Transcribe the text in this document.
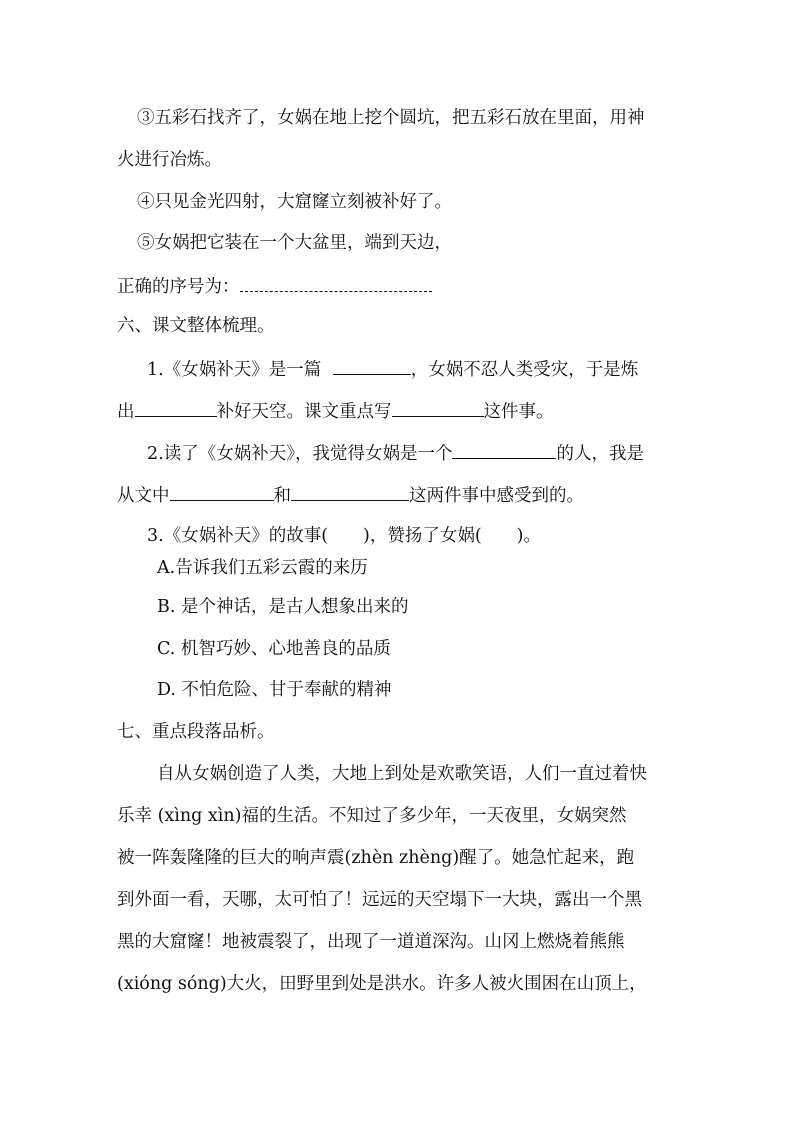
③五彩石找齐了，女娲在地上挖个圆坑，把五彩石放在里面，用神
火进行冶炼。
④只见金光四射，大窟窿立刻被补好了。
⑤女娲把它装在一个大盆里，端到天边，
正确的序号为：
六、课文整体梳理。
1.《女娲补天》是一篇	，女娲不忍人类受灾，于是炼
出	补好天空。课文重点写	这件事。
2.读了《女娲补天》，我觉得女娲是一个	的人，我是
从文中	和	这两件事中感受到的。
3.《女娲补天》的故事(　　)，赞扬了女娲(　　)。
A.告诉我们五彩云霞的来历
B. 是个神话，是古人想象出来的
C. 机智巧妙、心地善良的品质
D. 不怕危险、甘于奉献的精神
七、重点段落品析。
自从女娲创造了人类，大地上到处是欢歌笑语，人们一直过着快
乐幸 (xìng xìn)福的生活。不知过了多少年，一天夜里，女娲突然
被一阵轰隆隆的巨大的响声震(zhèn zhèng)醒了。她急忙起来，跑
到外面一看，天哪，太可怕了！远远的天空塌下一大块，露出一个黑
黑的大窟窿！地被震裂了，出现了一道道深沟。山冈上燃烧着熊熊
(xióng sóng)大火，田野里到处是洪水。许多人被火围困在山顶上，
